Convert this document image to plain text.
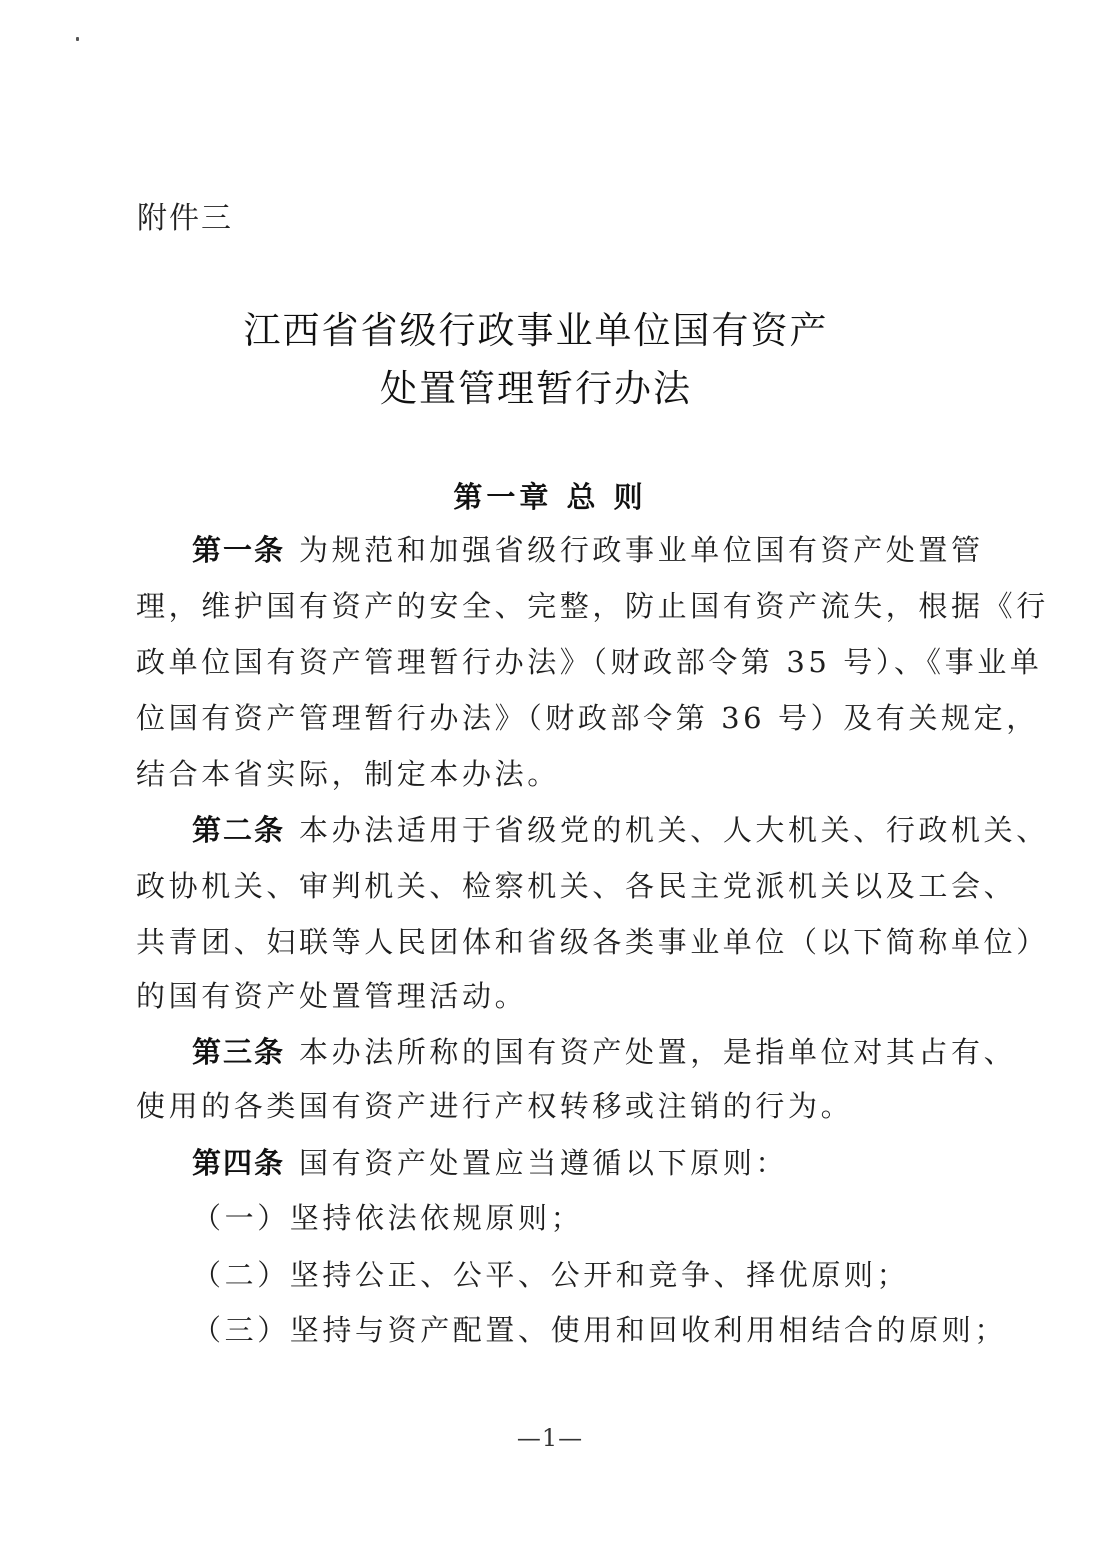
附件三
江西省省级行政事业单位国有资产
处置管理暂行办法
第一章 总 则
第一条 为规范和加强省级行政事业单位国有资产处置管
理，维护国有资产的安全、完整，防止国有资产流失，根据《行
政单位国有资产管理暂行办法》（财政部令第 35 号）、《事业单
位国有资产管理暂行办法》（财政部令第 36 号）及有关规定，
结合本省实际，制定本办法。
第二条 本办法适用于省级党的机关、人大机关、行政机关、
政协机关、审判机关、检察机关、各民主党派机关以及工会、
共青团、妇联等人民团体和省级各类事业单位（以下简称单位）
的国有资产处置管理活动。
第三条 本办法所称的国有资产处置，是指单位对其占有、
使用的各类国有资产进行产权转移或注销的行为。
第四条 国有资产处置应当遵循以下原则：
（一）坚持依法依规原则；
（二）坚持公正、公平、公开和竞争、择优原则；
（三）坚持与资产配置、使用和回收利用相结合的原则；
—1—
